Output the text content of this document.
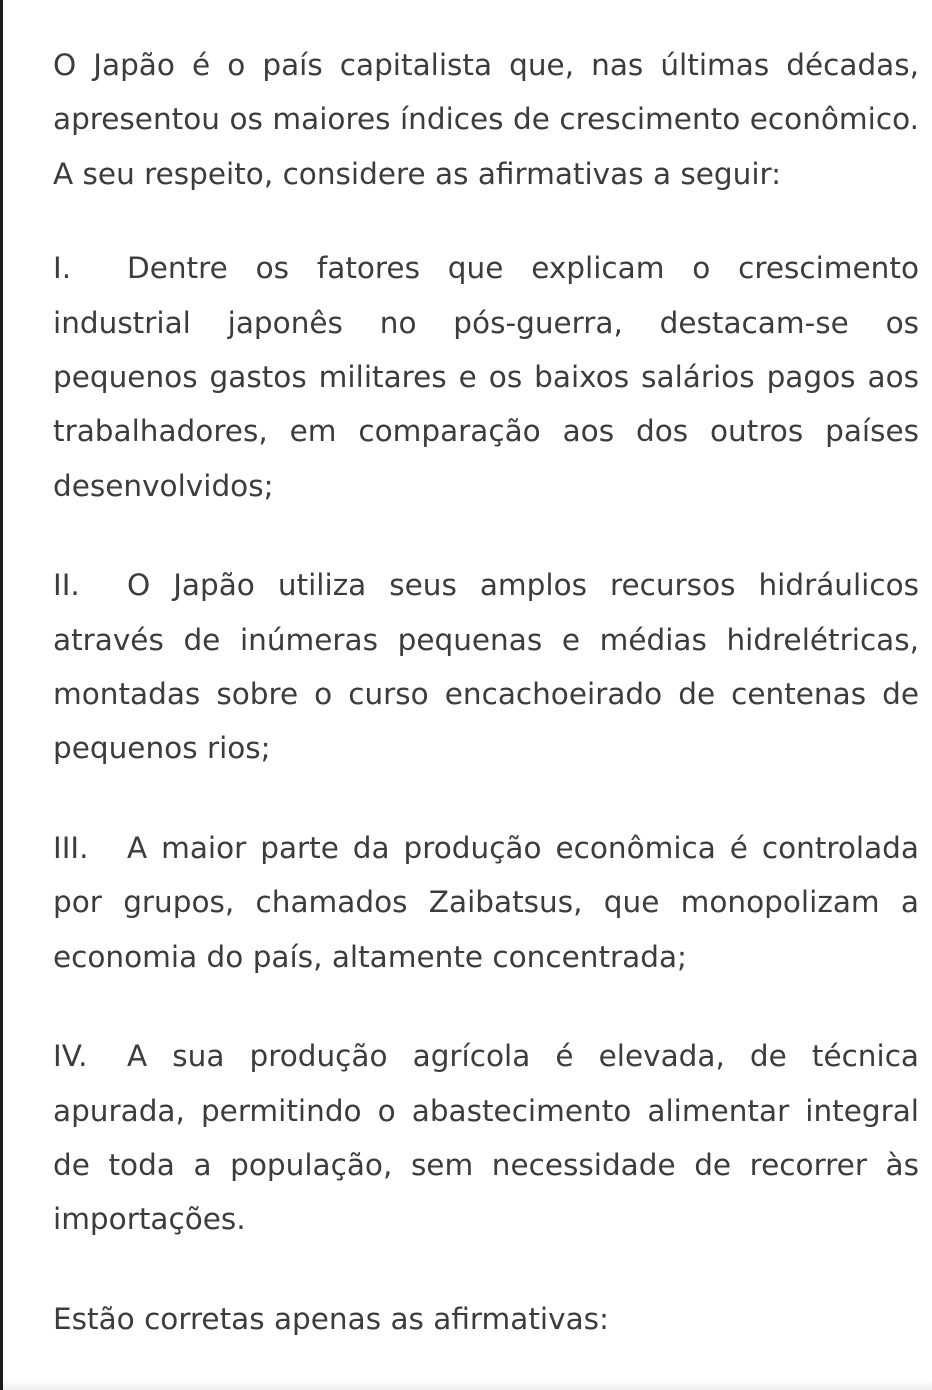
O Japão é o país capitalista que, nas últimas décadas, apresentou os maiores índices de crescimento econômico. A seu respeito, considere as afirmativas a seguir:

I. Dentre os fatores que explicam o crescimento industrial japonês no pós-guerra, destacam-se os pequenos gastos militares e os baixos salários pagos aos trabalhadores, em comparação aos dos outros países desenvolvidos;

II. O Japão utiliza seus amplos recursos hidráulicos através de inúmeras pequenas e médias hidrelétricas, montadas sobre o curso encachoeirado de centenas de pequenos rios;

III. A maior parte da produção econômica é controlada por grupos, chamados Zaibatsus, que monopolizam a economia do país, altamente concentrada;

IV. A sua produção agrícola é elevada, de técnica apurada, permitindo o abastecimento alimentar integral de toda a população, sem necessidade de recorrer às importações.

Estão corretas apenas as afirmativas:
